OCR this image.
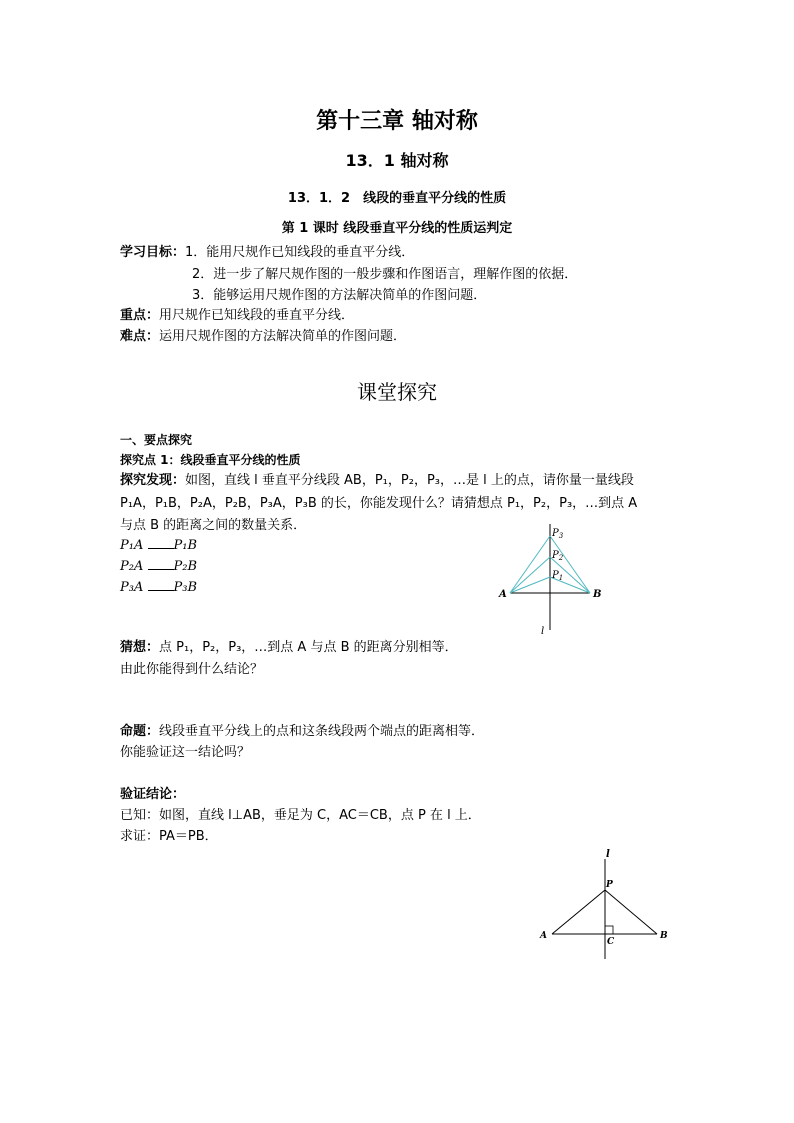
第十三章 轴对称
13．1 轴对称
13．1．2　线段的垂直平分线的性质
第 1 课时 线段垂直平分线的性质运判定
学习目标：1．能用尺规作已知线段的垂直平分线．
2．进一步了解尺规作图的一般步骤和作图语言，理解作图的依据．
3．能够运用尺规作图的方法解决简单的作图问题．
重点：用尺规作已知线段的垂直平分线．
难点：运用尺规作图的方法解决简单的作图问题．
课堂探究
一、要点探究
探究点 1：线段垂直平分线的性质
探究发现：如图，直线 l 垂直平分线段 AB，P₁，P₂，P₃，…是 l 上的点，请你量一量线段
P₁A，P₁B，P₂A，P₂B，P₃A，P₃B 的长，你能发现什么？请猜想点 P₁，P₂，P₃，…到点 A
与点 B 的距离之间的数量关系．
P₁A P₁B
P₂A P₂B
P₃A P₃B
$P_3$
$P_2$
$P_1$
A	B
l
猜想：点 P₁，P₂，P₃，…到点 A 与点 B 的距离分别相等．
由此你能得到什么结论？
命题：线段垂直平分线上的点和这条线段两个端点的距离相等．
你能验证这一结论吗？
验证结论：
已知：如图，直线 l⊥AB，垂足为 C，AC＝CB，点 P 在 l 上．
求证：PA＝PB．
l
P
A	B
C
